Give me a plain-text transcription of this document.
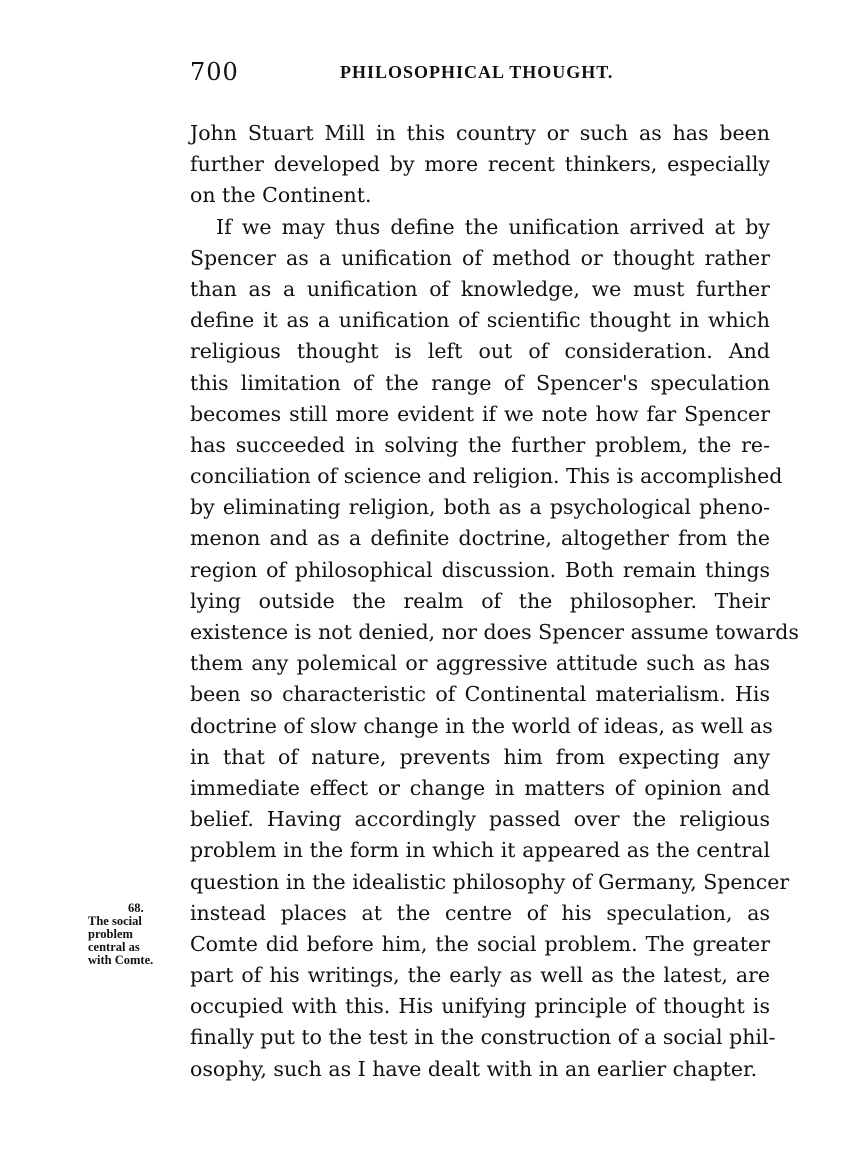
700	PHILOSOPHICAL THOUGHT.
John Stuart Mill in this country or such as has been
further developed by more recent thinkers, especially
on the Continent.
If we may thus define the unification arrived at by
Spencer as a unification of method or thought rather
than as a unification of knowledge, we must further
define it as a unification of scientific thought in which
religious thought is left out of consideration. And
this limitation of the range of Spencer's speculation
becomes still more evident if we note how far Spencer
has succeeded in solving the further problem, the re-
conciliation of science and religion. This is accomplished
by eliminating religion, both as a psychological pheno-
menon and as a definite doctrine, altogether from the
region of philosophical discussion. Both remain things
lying outside the realm of the philosopher. Their
existence is not denied, nor does Spencer assume towards
them any polemical or aggressive attitude such as has
been so characteristic of Continental materialism. His
doctrine of slow change in the world of ideas, as well as
in that of nature, prevents him from expecting any
immediate effect or change in matters of opinion and
belief. Having accordingly passed over the religious
problem in the form in which it appeared as the central
question in the idealistic philosophy of Germany, Spencer
instead places at the centre of his speculation, as
Comte did before him, the social problem. The greater
part of his writings, the early as well as the latest, are
occupied with this. His unifying principle of thought is
finally put to the test in the construction of a social phil-
osophy, such as I have dealt with in an earlier chapter.
68.
The social
problem
central as
with Comte.
